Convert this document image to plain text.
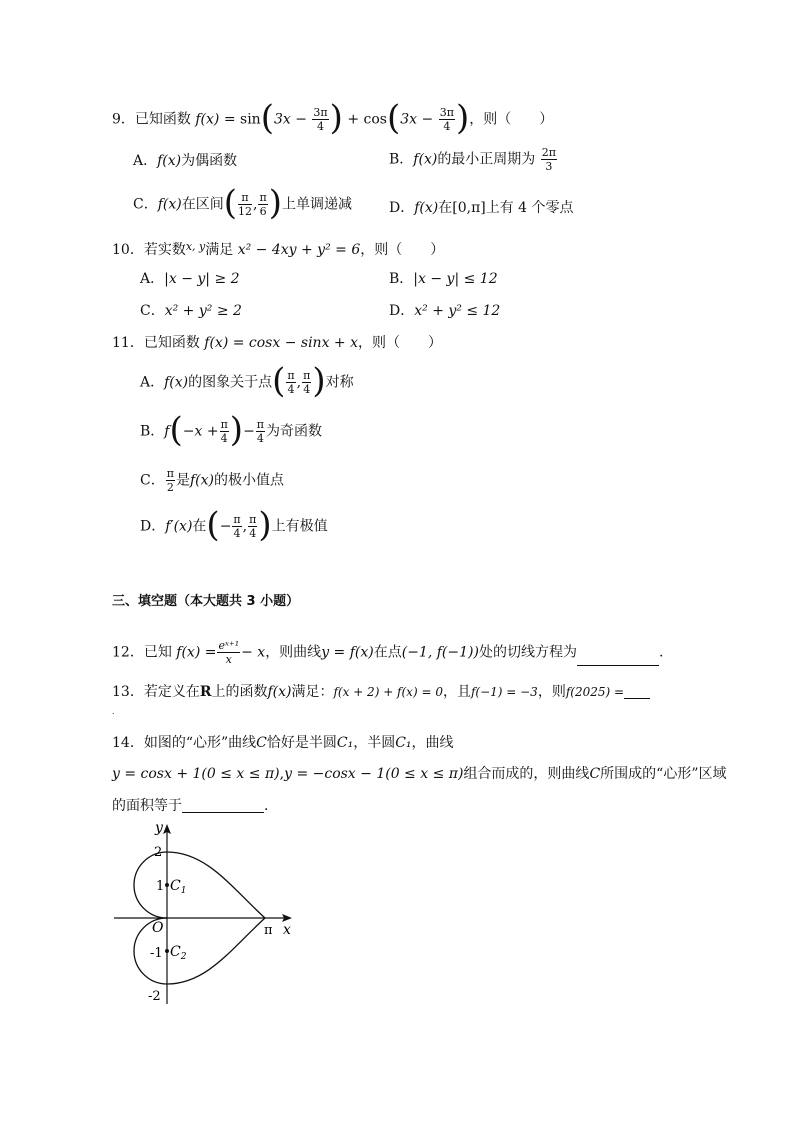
9．已知函数 $f(x) = \sin(3x - \frac{3\pi}{4}$ ) + $\cos(3x - \frac{3\pi}{4}$ )，则（　　）
A．f(x)为偶函数	B．f(x)的最小正周期为 $\frac{2\pi}{3}$
C．f(x)在区间( $\frac{\pi}{12}$ , $\frac{\pi}{6}$ )上单调递减	D．f(x)在[0,π]上有 4 个零点
10．若实数$^{x, y}$满足 x² − 4xy + y² = 6，则（　　）
A．|x − y| ≥ 2	B．|x − y| ≤ 12
C．x² + y² ≥ 2	D．x² + y² ≤ 12
11．已知函数 f(x) = cosx − sinx + x，则（　　）
A．f(x)的图象关于点( $\frac{\pi}{4}$ , $\frac{\pi}{4}$ )对称
B．$f(-x + \frac{\pi}{4}$ )− $\frac{\pi}{4}$ 为奇函数
C． $\frac{\pi}{2}$ 是f(x)的极小值点
D．f′(x)在(− $\frac{\pi}{4}$ , $\frac{\pi}{4}$ )上有极值
三、填空题（本大题共 3 小题）
12．已知 $f(x) = \frac{\text{eˣ⁺¹}}{x} - x$，则曲线y = f(x)在点(−1, f(−1))处的切线方程为	.
13．若定义在R上的函数f(x)满足：f(x + 2) + f(x) = 0，且f(−1) = −3，则f(2025) =
.
14．如图的“心形”曲线C恰好是半圆C₁，半圆C₁，曲线
y = cosx + 1(0 ≤ x ≤ π),y = −cosx − 1(0 ≤ x ≤ π)组合而成的，则曲线C所围成的“心形”区域
的面积等于	.
y
x
O	π
2
1
-1
-2
$C_1$
$C_2$
